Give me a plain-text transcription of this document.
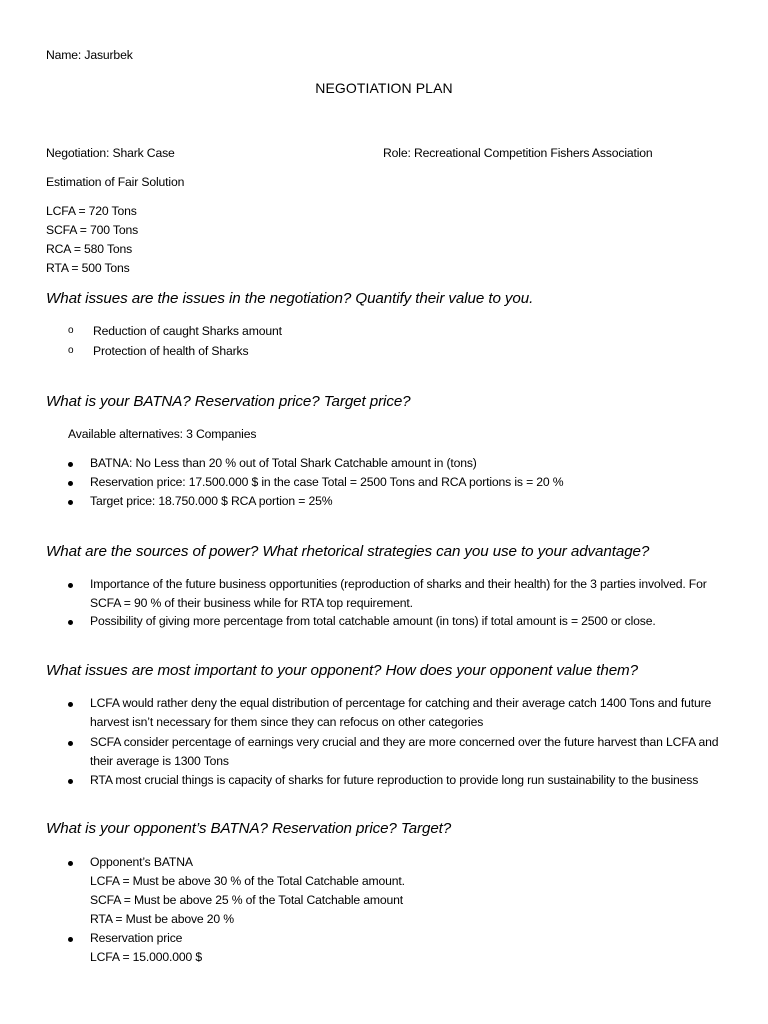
Name: Jasurbek
NEGOTIATION PLAN
Negotiation: Shark Case	Role: Recreational Competition Fishers Association
Estimation of Fair Solution
LCFA = 720 Tons
SCFA = 700 Tons
RCA = 580 Tons
RTA = 500 Tons
What issues are the issues in the negotiation? Quantify their value to you.
o Reduction of caught Sharks amount
o Protection of health of Sharks
What is your BATNA? Reservation price? Target price?
Available alternatives: 3 Companies
BATNA: No Less than 20 % out of Total Shark Catchable amount in (tons)
Reservation price: 17.500.000 $ in the case Total = 2500 Tons and RCA portions is = 20 %
Target price: 18.750.000 $ RCA portion = 25%
What are the sources of power? What rhetorical strategies can you use to your advantage?
Importance of the future business opportunities (reproduction of sharks and their health) for the 3 parties involved. For SCFA = 90 % of their business while for RTA top requirement.
Possibility of giving more percentage from total catchable amount (in tons) if total amount is = 2500 or close.
What issues are most important to your opponent? How does your opponent value them?
LCFA would rather deny the equal distribution of percentage for catching and their average catch 1400 Tons and future harvest isn’t necessary for them since they can refocus on other categories
SCFA consider percentage of earnings very crucial and they are more concerned over the future harvest than LCFA and their average is 1300 Tons
RTA most crucial things is capacity of sharks for future reproduction to provide long run sustainability to the business
What is your opponent’s BATNA? Reservation price? Target?
Opponent’s BATNA
LCFA = Must be above 30 % of the Total Catchable amount.
SCFA = Must be above 25 % of the Total Catchable amount
RTA = Must be above 20 %
Reservation price
LCFA = 15.000.000 $
